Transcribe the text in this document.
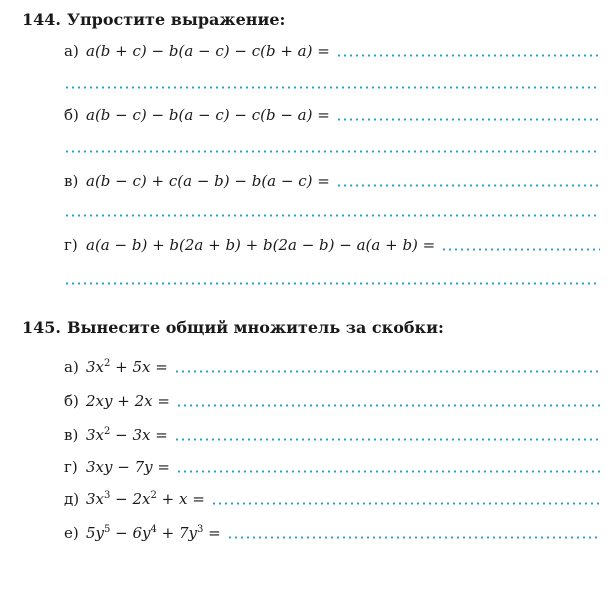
144. Упростите выражение:
а) a(b + c) − b(a − c) − c(b + a) =
б) a(b − c) − b(a − c) − c(b − a) =
в) a(b − c) + c(a − b) − b(a − c) =
г) a(a − b) + b(2a + b) + b(2a − b) − a(a + b) =
145. Вынесите общий множитель за скобки:
а) $3x^2 + 5x$ =
б) 2xy + 2x =
в) $3x^2 - 3x$ =
г) 3xy − 7y =
д) $3x^3 - 2x^2 + x$ =
е) $5y^5 - 6y^4 + 7y^3$ =
